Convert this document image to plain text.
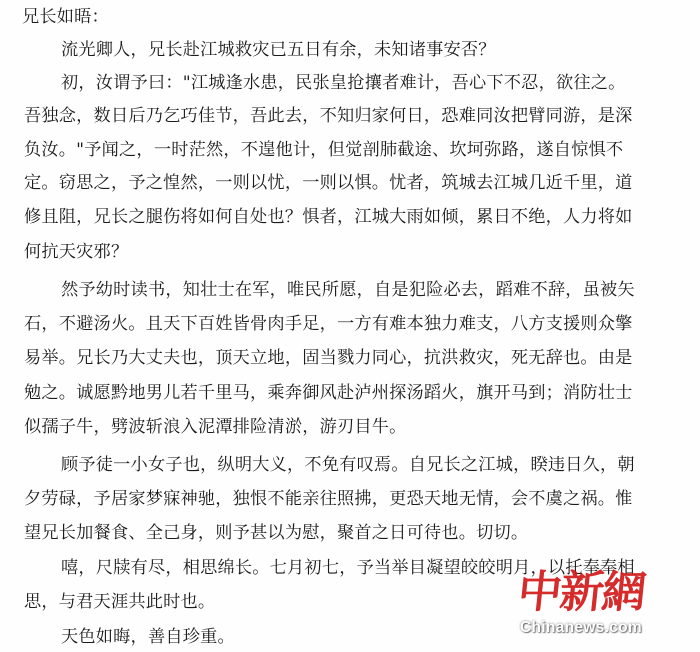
兄长如晤：
流光卿人，兄长赴江城救灾已五日有余，未知诸事安否？
初，汝谓予曰："江城逢水患，民张皇抢攘者难计，吾心下不忍，欲往之。
吾独念，数日后乃乞巧佳节，吾此去，不知归家何日，恐难同汝把臂同游，是深
负汝。"予闻之，一时茫然，不遑他计，但觉剖肺截途、坎坷弥路，遂自惊惧不
定。窃思之，予之惶然，一则以忧，一则以惧。忧者，筑城去江城几近千里，道
修且阻，兄长之腿伤将如何自处也？惧者，江城大雨如倾，累日不绝，人力将如
何抗天灾邪？
然予幼时读书，知壮士在军，唯民所愿，自是犯险必去，蹈难不辞，虽被矢
石，不避汤火。且天下百姓皆骨肉手足，一方有难本独力难支，八方支援则众擎
易举。兄长乃大丈夫也，顶天立地，固当戮力同心，抗洪救灾，死无辞也。由是
勉之。诚愿黔地男儿若千里马，乘奔御风赴泸州探汤蹈火，旗开马到；消防壮士
似孺子牛，劈波斩浪入泥潭排险清淤，游刃目牛。
顾予徒一小女子也，纵明大义，不免有叹焉。自兄长之江城，睽违日久，朝
夕劳碌，予居家梦寐神驰，独恨不能亲往照拂，更恐天地无情，会不虞之祸。惟
望兄长加餐食、全己身，则予甚以为慰，聚首之日可待也。切切。
嘻，尺牍有尽，相思绵长。七月初七，予当举目凝望皎皎明月，以托奉奉相
思，与君天涯共此时也。
天色如晦，善自珍重。
中新網
Chinanews.com
